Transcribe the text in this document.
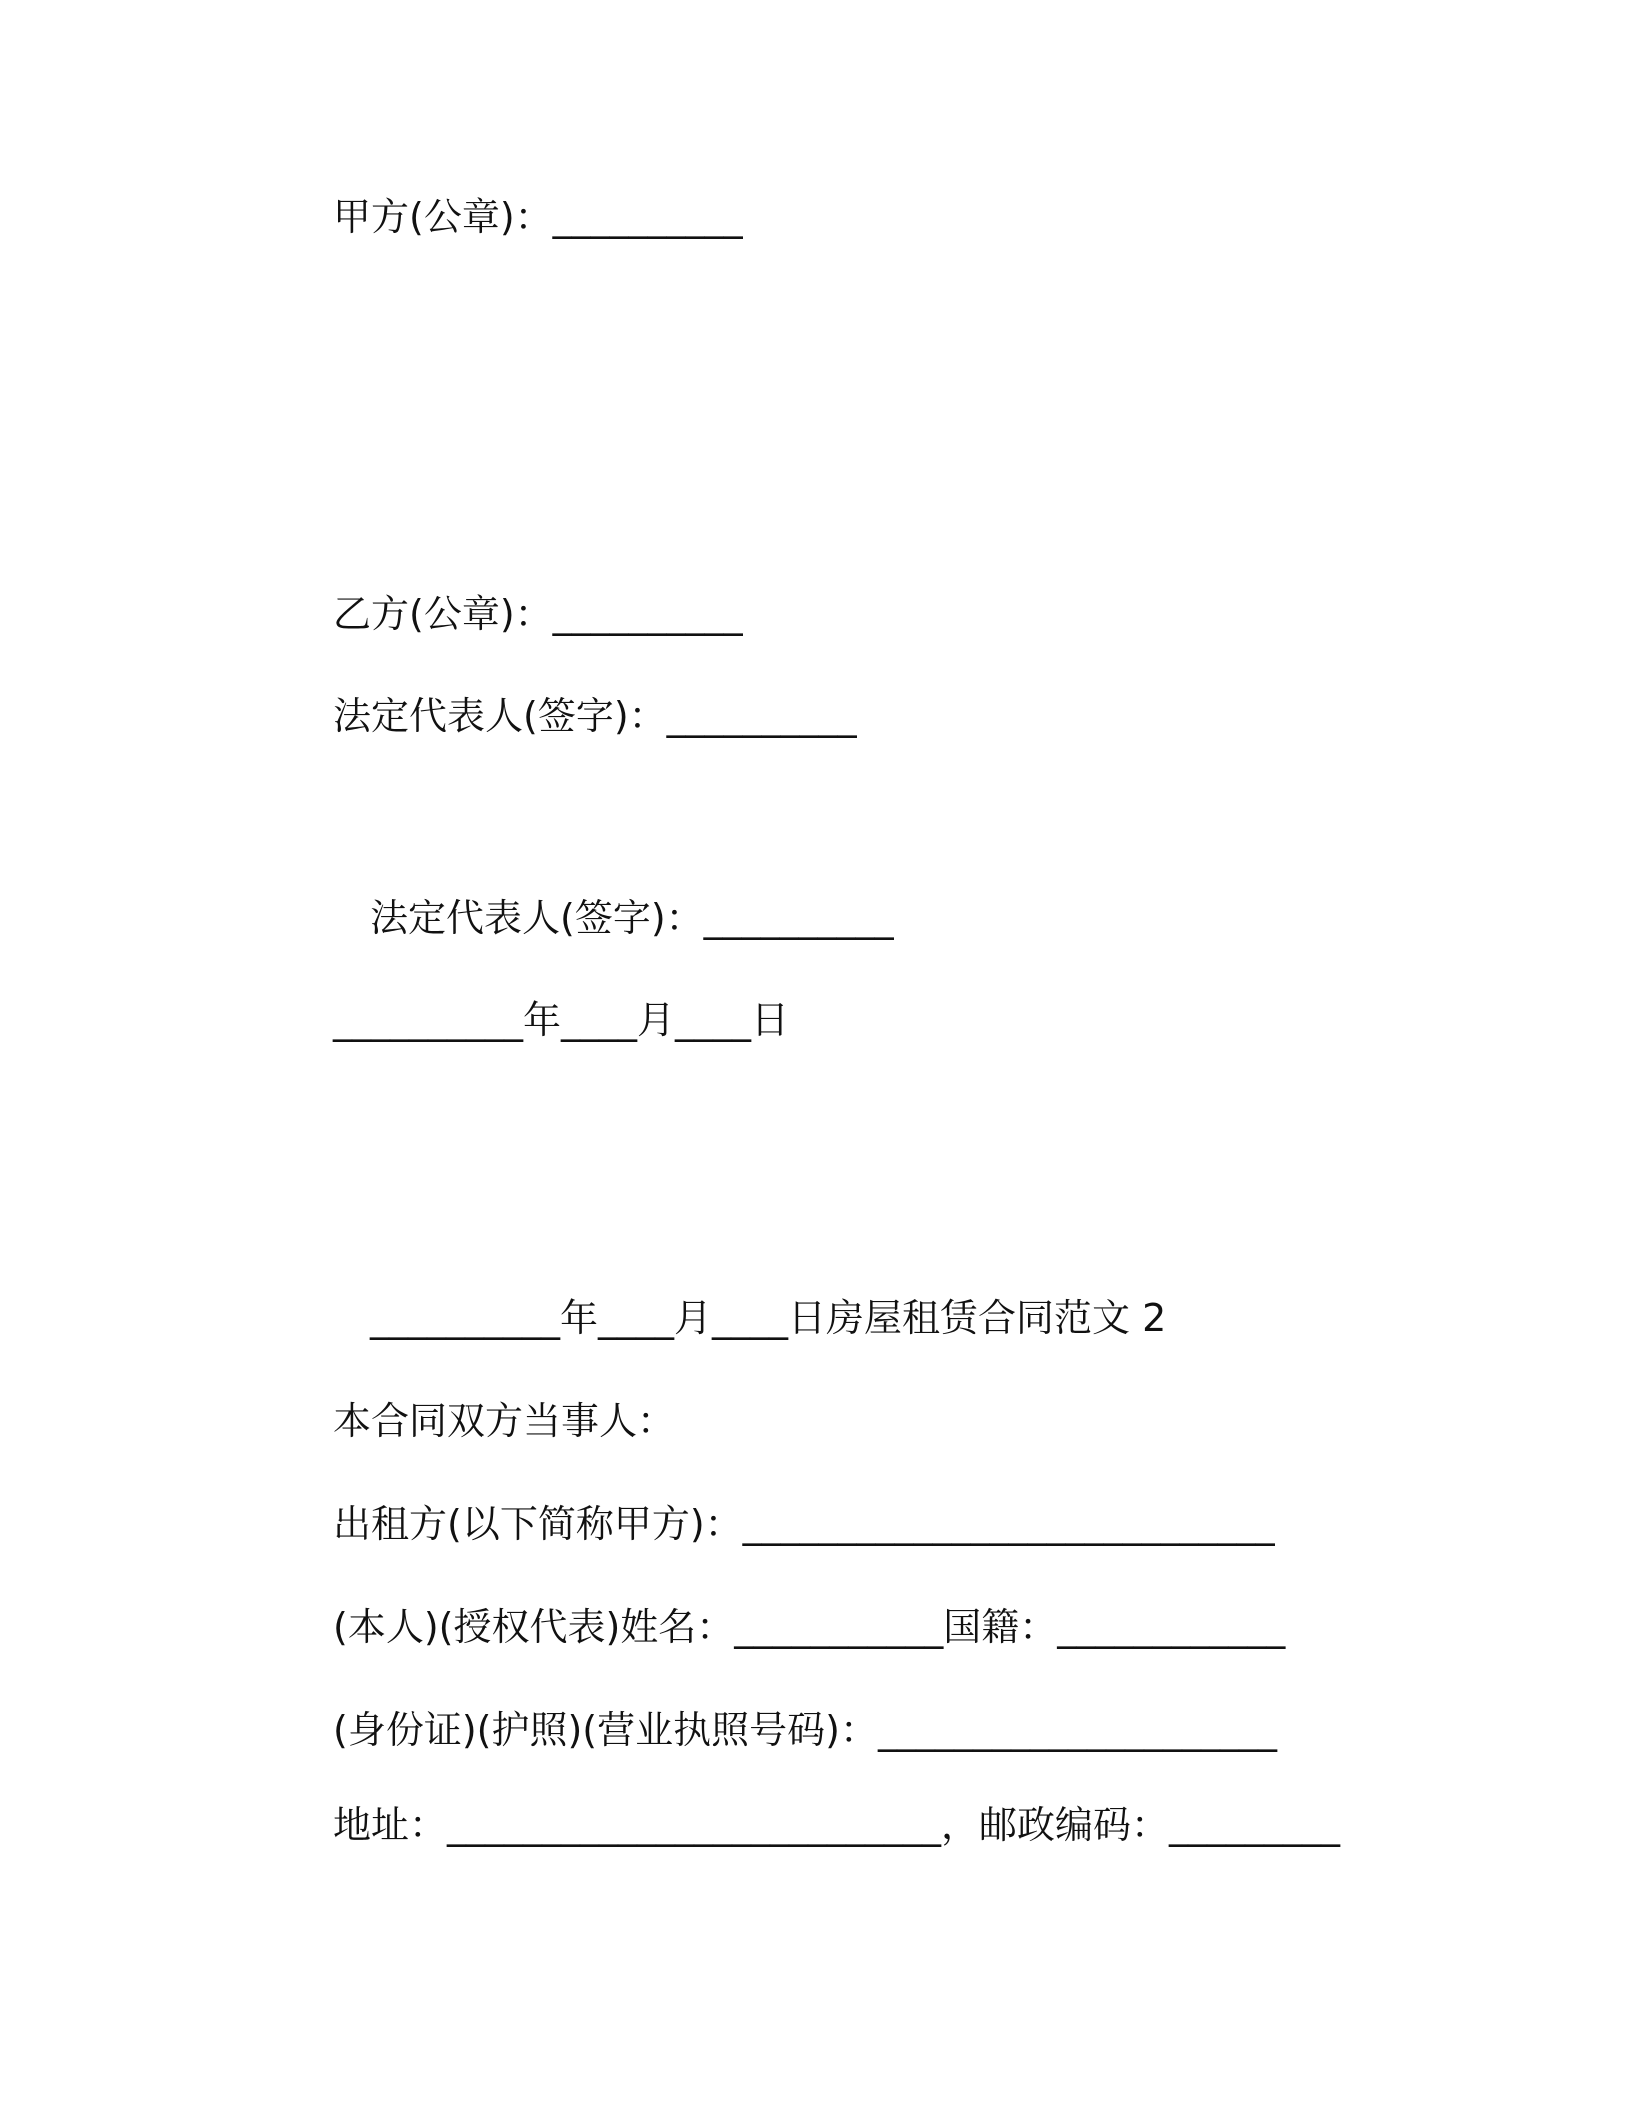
甲方(公章)：__________
乙方(公章)：__________
法定代表人(签字)：__________
法定代表人(签字)：__________
__________年____月____日
__________年____月____日房屋租赁合同范文 2
本合同双方当事人：
出租方(以下简称甲方)：____________________________
(本人)(授权代表)姓名：___________国籍：____________
(身份证)(护照)(营业执照号码)：_____________________
地址：__________________________，邮政编码：_________
